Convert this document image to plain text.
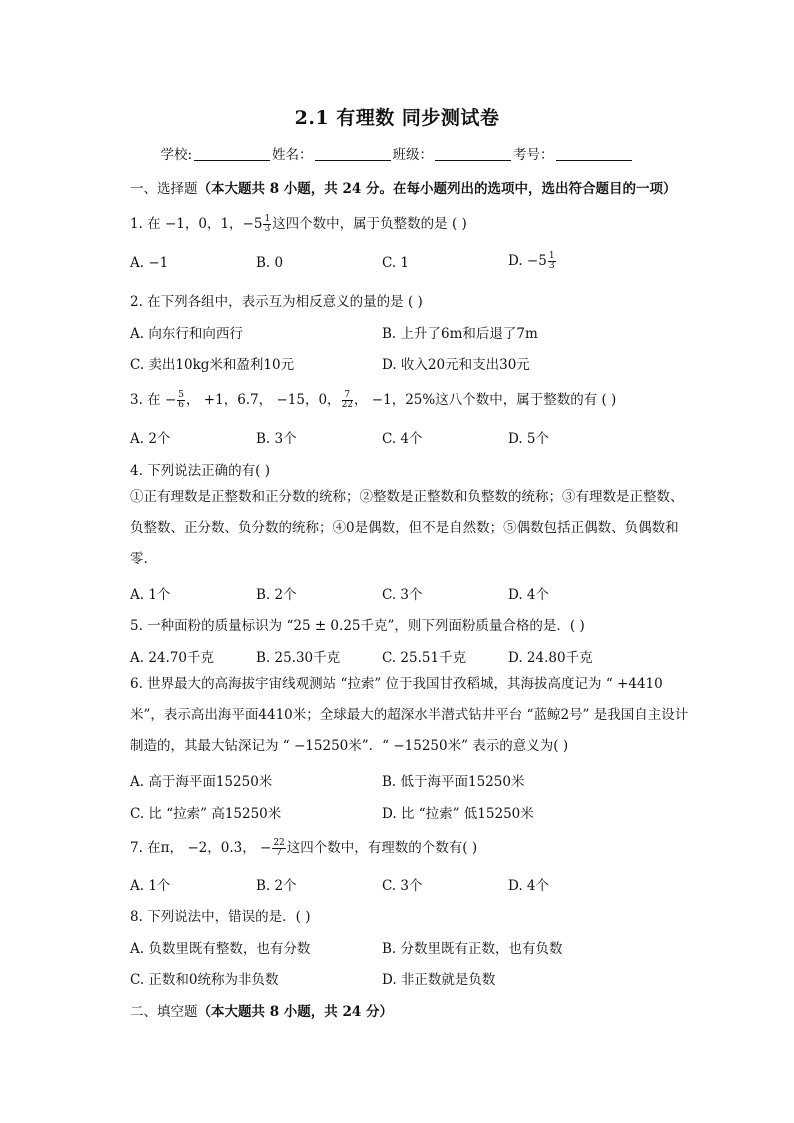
2.1 有理数 同步测试卷
学校:	姓名：	班级：	考号：
一、选择题（本大题共 8 小题，共 24 分。在每小题列出的选项中，选出符合题目的一项）
1. 在 −1，0，1，$-5 \frac{1}{3}$ 这四个数中，属于负整数的是 ( )
A. −1	B. 0	C. 1	D. $-5 \frac{1}{3}$
2. 在下列各组中，表示互为相反意义的量的是 ( )
A. 向东行和向西行	B. 上升了6m和后退了7m
C. 卖出10kg米和盈利10元	D. 收入20元和支出30元
3. 在 − $\frac{5}{6}$ ， +1，6.7， −15，0， $\frac{7}{22}$ ， −1，25%这八个数中，属于整数的有 ( )
A. 2个	B. 3个	C. 4个	D. 5个
4. 下列说法正确的有( )
①正有理数是正整数和正分数的统称；②整数是正整数和负整数的统称；③有理数是正整数、负整数、正分数、负分数的统称；④0是偶数，但不是自然数；⑤偶数包括正偶数、负偶数和零.
A. 1个	B. 2个	C. 3个	D. 4个
5. 一种面粉的质量标识为 “25 ± 0.25千克”，则下列面粉质量合格的是．( )
A. 24.70千克	B. 25.30千克	C. 25.51千克	D. 24.80千克
6. 世界最大的高海拔宇宙线观测站 “拉索” 位于我国甘孜稻城，其海拔高度记为 “ +4410米”，表示高出海平面4410米；全球最大的超深水半潜式钻井平台 “蓝鲸2号” 是我国自主设计制造的，其最大钻深记为 “ −15250米”．“ −15250米” 表示的意义为( )
A. 高于海平面15250米	B. 低于海平面15250米
C. 比 “拉索” 高15250米	D. 比 “拉索” 低15250米
7. 在π， −2，0.3̇， − $\frac{22}{7}$ 这四个数中，有理数的个数有( )
A. 1个	B. 2个	C. 3个	D. 4个
8. 下列说法中，错误的是．( )
A. 负数里既有整数，也有分数	B. 分数里既有正数，也有负数
C. 正数和0统称为非负数	D. 非正数就是负数
二、填空题（本大题共 8 小题，共 24 分）
